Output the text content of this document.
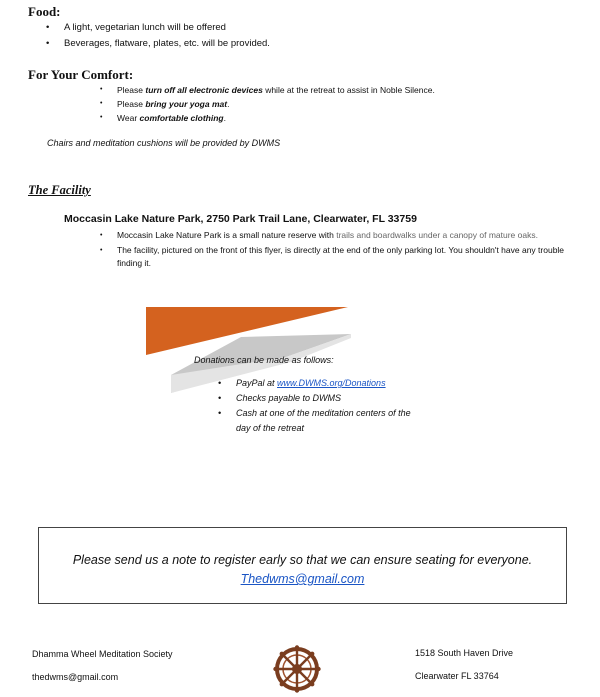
Food:
• A light, vegetarian lunch will be offered
• Beverages, flatware, plates, etc. will be provided.
For Your Comfort:
• Please turn off all electronic devices while at the retreat to assist in Noble Silence.
• Please bring your yoga mat.
• Wear comfortable clothing.
Chairs and meditation cushions will be provided by DWMS
The Facility
Moccasin Lake Nature Park, 2750 Park Trail Lane, Clearwater, FL 33759
• Moccasin Lake Nature Park is a small nature reserve with trails and boardwalks under a canopy of mature oaks.
• The facility, pictured on the front of this flyer, is directly at the end of the only parking lot. You shouldn't have any trouble finding it.
Donations can be made as follows:
• PayPal at www.DWMS.org/Donations
• Checks payable to DWMS
• Cash at one of the meditation centers of the day of the retreat
Please send us a note to register early so that we can ensure seating for everyone.
Thedwms@gmail.com
Dhamma Wheel Meditation Society
thedwms@gmail.com
1518 South Haven Drive
Clearwater FL 33764
